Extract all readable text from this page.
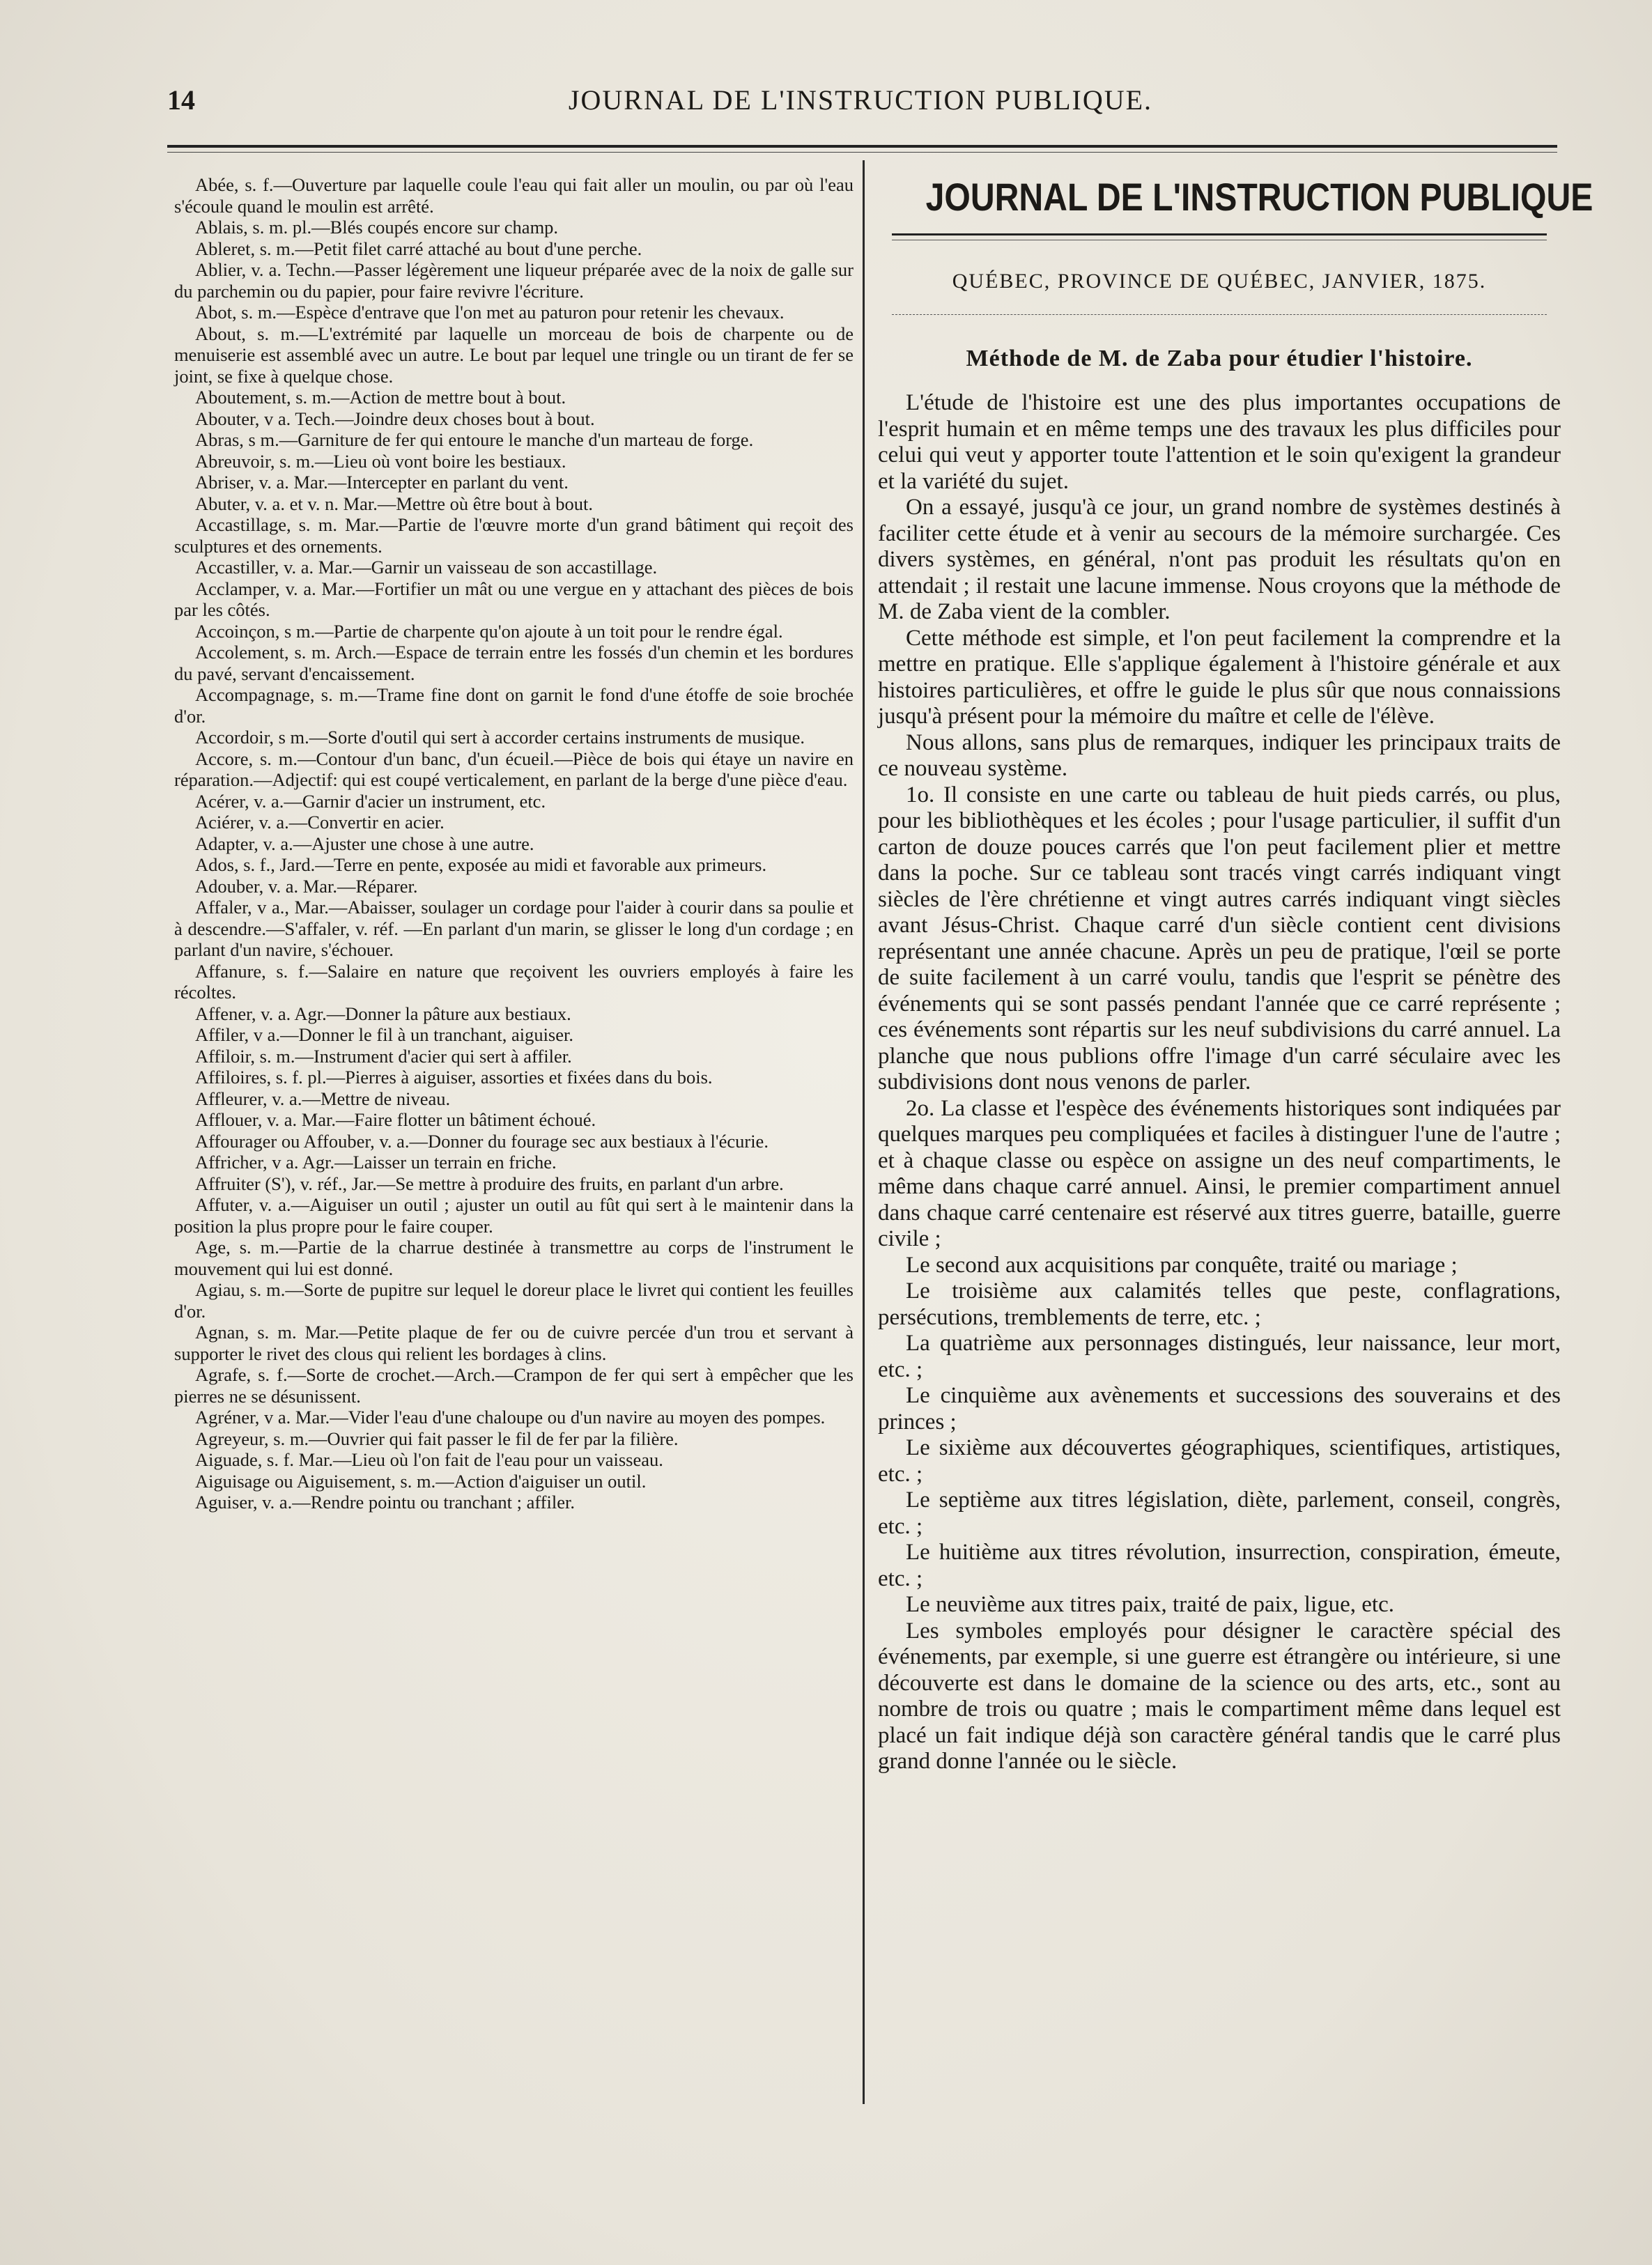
14	JOURNAL DE L'INSTRUCTION PUBLIQUE.
Abée, s. f.—Ouverture par laquelle coule l'eau qui fait aller un moulin, ou par où l'eau s'écoule quand le moulin est arrêté.
Ablais, s. m. pl.—Blés coupés encore sur champ.
Ableret, s. m.—Petit filet carré attaché au bout d'une perche.
Ablier, v. a. Techn.—Passer légèrement une liqueur préparée avec de la noix de galle sur du parchemin ou du papier, pour faire revivre l'écriture.
Abot, s. m.—Espèce d'entrave que l'on met au paturon pour retenir les chevaux.
About, s. m.—L'extrémité par laquelle un morceau de bois de charpente ou de menuiserie est assemblé avec un autre. Le bout par lequel une tringle ou un tirant de fer se joint, se fixe à quelque chose.
Aboutement, s. m.—Action de mettre bout à bout.
Abouter, v a. Tech.—Joindre deux choses bout à bout.
Abras, s m.—Garniture de fer qui entoure le manche d'un marteau de forge.
Abreuvoir, s. m.—Lieu où vont boire les bestiaux.
Abriser, v. a. Mar.—Intercepter en parlant du vent.
Abuter, v. a. et v. n. Mar.—Mettre où être bout à bout.
Accastillage, s. m. Mar.—Partie de l'œuvre morte d'un grand bâtiment qui reçoit des sculptures et des ornements.
Accastiller, v. a. Mar.—Garnir un vaisseau de son accastillage.
Acclamper, v. a. Mar.—Fortifier un mât ou une vergue en y attachant des pièces de bois par les côtés.
Accoinçon, s m.—Partie de charpente qu'on ajoute à un toit pour le rendre égal.
Accolement, s. m. Arch.—Espace de terrain entre les fossés d'un chemin et les bordures du pavé, servant d'encaissement.
Accompagnage, s. m.—Trame fine dont on garnit le fond d'une étoffe de soie brochée d'or.
Accordoir, s m.—Sorte d'outil qui sert à accorder certains instruments de musique.
Accore, s. m.—Contour d'un banc, d'un écueil.—Pièce de bois qui étaye un navire en réparation.—Adjectif: qui est coupé verticalement, en parlant de la berge d'une pièce d'eau.
Acérer, v. a.—Garnir d'acier un instrument, etc.
Aciérer, v. a.—Convertir en acier.
Adapter, v. a.—Ajuster une chose à une autre.
Ados, s. f., Jard.—Terre en pente, exposée au midi et favorable aux primeurs.
Adouber, v. a. Mar.—Réparer.
Affaler, v a., Mar.—Abaisser, soulager un cordage pour l'aider à courir dans sa poulie et à descendre.—S'affaler, v. réf. —En parlant d'un marin, se glisser le long d'un cordage ; en parlant d'un navire, s'échouer.
Affanure, s. f.—Salaire en nature que reçoivent les ouvriers employés à faire les récoltes.
Affener, v. a. Agr.—Donner la pâture aux bestiaux.
Affiler, v a.—Donner le fil à un tranchant, aiguiser.
Affiloir, s. m.—Instrument d'acier qui sert à affiler.
Affiloires, s. f. pl.—Pierres à aiguiser, assorties et fixées dans du bois.
Affleurer, v. a.—Mettre de niveau.
Afflouer, v. a. Mar.—Faire flotter un bâtiment échoué.
Affourager ou Affouber, v. a.—Donner du fourage sec aux bestiaux à l'écurie.
Affricher, v a. Agr.—Laisser un terrain en friche.
Affruiter (S'), v. réf., Jar.—Se mettre à produire des fruits, en parlant d'un arbre.
Affuter, v. a.—Aiguiser un outil ; ajuster un outil au fût qui sert à le maintenir dans la position la plus propre pour le faire couper.
Age, s. m.—Partie de la charrue destinée à transmettre au corps de l'instrument le mouvement qui lui est donné.
Agiau, s. m.—Sorte de pupitre sur lequel le doreur place le livret qui contient les feuilles d'or.
Agnan, s. m. Mar.—Petite plaque de fer ou de cuivre percée d'un trou et servant à supporter le rivet des clous qui relient les bordages à clins.
Agrafe, s. f.—Sorte de crochet.—Arch.—Crampon de fer qui sert à empêcher que les pierres ne se désunissent.
Agréner, v a. Mar.—Vider l'eau d'une chaloupe ou d'un navire au moyen des pompes.
Agreyeur, s. m.—Ouvrier qui fait passer le fil de fer par la filière.
Aiguade, s. f. Mar.—Lieu où l'on fait de l'eau pour un vaisseau.
Aiguisage ou Aiguisement, s. m.—Action d'aiguiser un outil.
Aguiser, v. a.—Rendre pointu ou tranchant ; affiler.
JOURNAL DE L'INSTRUCTION PUBLIQUE
QUÉBEC, PROVINCE DE QUÉBEC, JANVIER, 1875.
Méthode de M. de Zaba pour étudier l'histoire.

L'étude de l'histoire est une des plus importantes occupations de l'esprit humain et en même temps une des travaux les plus difficiles pour celui qui veut y apporter toute l'attention et le soin qu'exigent la grandeur et la variété du sujet.

On a essayé, jusqu'à ce jour, un grand nombre de systèmes destinés à faciliter cette étude et à venir au secours de la mémoire surchargée. Ces divers systèmes, en général, n'ont pas produit les résultats qu'on en attendait ; il restait une lacune immense. Nous croyons que la méthode de M. de Zaba vient de la combler.

Cette méthode est simple, et l'on peut facilement la comprendre et la mettre en pratique. Elle s'applique également à l'histoire générale et aux histoires particulières, et offre le guide le plus sûr que nous connaissions jusqu'à présent pour la mémoire du maître et celle de l'élève.

Nous allons, sans plus de remarques, indiquer les principaux traits de ce nouveau système.

1o. Il consiste en une carte ou tableau de huit pieds carrés, ou plus, pour les bibliothèques et les écoles ; pour l'usage particulier, il suffit d'un carton de douze pouces carrés que l'on peut facilement plier et mettre dans la poche. Sur ce tableau sont tracés vingt carrés indiquant vingt siècles de l'ère chrétienne et vingt autres carrés indiquant vingt siècles avant Jésus-Christ. Chaque carré d'un siècle contient cent divisions représentant une année chacune. Après un peu de pratique, l'œil se porte de suite facilement à un carré voulu, tandis que l'esprit se pénètre des événements qui se sont passés pendant l'année que ce carré représente ; ces événements sont répartis sur les neuf subdivisions du carré annuel. La planche que nous publions offre l'image d'un carré séculaire avec les subdivisions dont nous venons de parler.

2o. La classe et l'espèce des événements historiques sont indiquées par quelques marques peu compliquées et faciles à distinguer l'une de l'autre ; et à chaque classe ou espèce on assigne un des neuf compartiments, le même dans chaque carré annuel. Ainsi, le premier compartiment annuel dans chaque carré centenaire est réservé aux titres guerre, bataille, guerre civile ;

Le second aux acquisitions par conquête, traité ou mariage ;

Le troisième aux calamités telles que peste, conflagrations, persécutions, tremblements de terre, etc. ;

La quatrième aux personnages distingués, leur naissance, leur mort, etc. ;

Le cinquième aux avènements et successions des souverains et des princes ;

Le sixième aux découvertes géographiques, scientifiques, artistiques, etc. ;

Le septième aux titres législation, diète, parlement, conseil, congrès, etc. ;

Le huitième aux titres révolution, insurrection, conspiration, émeute, etc. ;

Le neuvième aux titres paix, traité de paix, ligue, etc.

Les symboles employés pour désigner le caractère spécial des événements, par exemple, si une guerre est étrangère ou intérieure, si une découverte est dans le domaine de la science ou des arts, etc., sont au nombre de trois ou quatre ; mais le compartiment même dans lequel est placé un fait indique déjà son caractère général tandis que le carré plus grand donne l'année ou le siècle.
